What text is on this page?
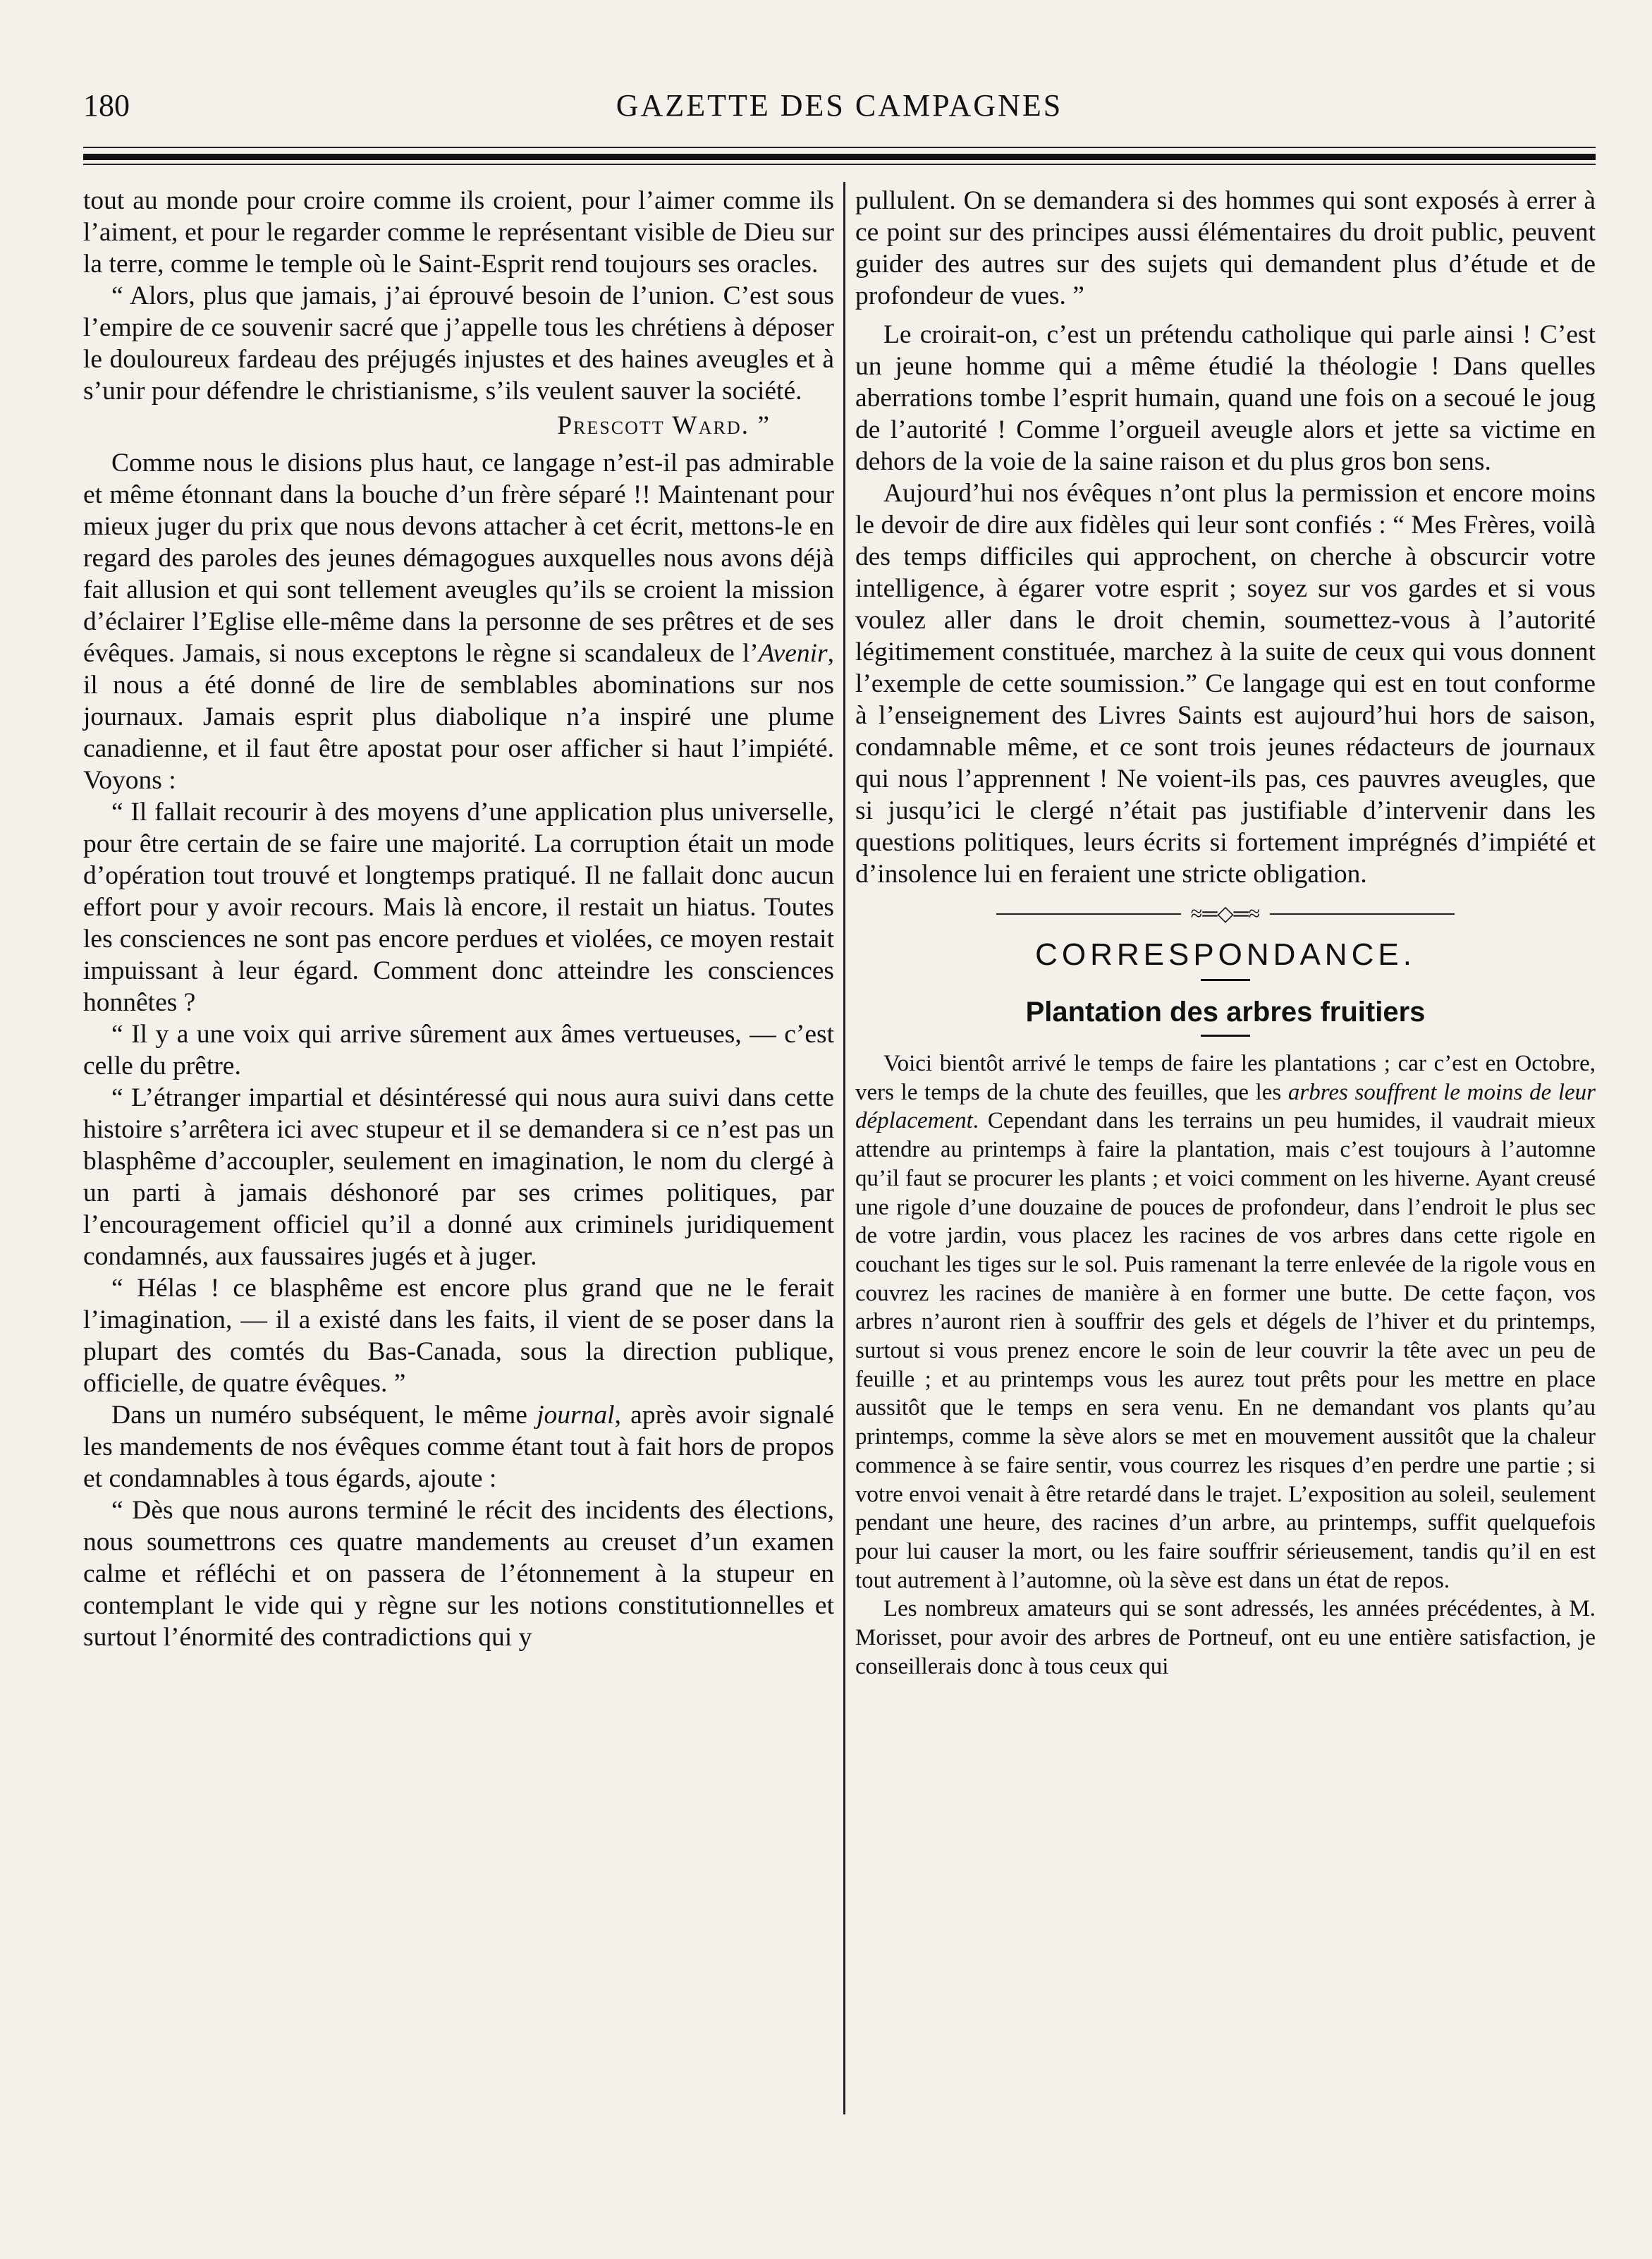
180	GAZETTE DES CAMPAGNES

tout au monde pour croire comme ils croient, pour l’aimer comme ils l’aiment, et pour le regarder comme le représentant visible de Dieu sur la terre, comme le temple où le Saint-Esprit rend toujours ses oracles.

“ Alors, plus que jamais, j’ai éprouvé besoin de l’union. C’est sous l’empire de ce souvenir sacré que j’appelle tous les chrétiens à déposer le douloureux fardeau des préjugés injustes et des haines aveugles et à s’unir pour défendre le christianisme, s’ils veulent sauver la société.

Prescott Ward. ”

Comme nous le disions plus haut, ce langage n’est-il pas admirable et même étonnant dans la bouche d’un frère séparé !! Maintenant pour mieux juger du prix que nous devons attacher à cet écrit, mettons-le en regard des paroles des jeunes démagogues auxquelles nous avons déjà fait allusion et qui sont tellement aveugles qu’ils se croient la mission d’éclairer l’Eglise elle-même dans la personne de ses prêtres et de ses évêques. Jamais, si nous exceptons le règne si scandaleux de l’Avenir, il nous a été donné de lire de semblables abominations sur nos journaux. Jamais esprit plus diabolique n’a inspiré une plume canadienne, et il faut être apostat pour oser afficher si haut l’impiété. Voyons :

“ Il fallait recourir à des moyens d’une application plus universelle, pour être certain de se faire une majorité. La corruption était un mode d’opération tout trouvé et longtemps pratiqué. Il ne fallait donc aucun effort pour y avoir recours. Mais là encore, il restait un hiatus. Toutes les consciences ne sont pas encore perdues et violées, ce moyen restait impuissant à leur égard. Comment donc atteindre les consciences honnêtes ?

“ Il y a une voix qui arrive sûrement aux âmes vertueuses, — c’est celle du prêtre.

“ L’étranger impartial et désintéressé qui nous aura suivi dans cette histoire s’arrêtera ici avec stupeur et il se demandera si ce n’est pas un blasphême d’accoupler, seulement en imagination, le nom du clergé à un parti à jamais déshonoré par ses crimes politiques, par l’encouragement officiel qu’il a donné aux criminels juridiquement condamnés, aux faussaires jugés et à juger.

“ Hélas ! ce blasphême est encore plus grand que ne le ferait l’imagination, — il a existé dans les faits, il vient de se poser dans la plupart des comtés du Bas-Canada, sous la direction publique, officielle, de quatre évêques. ”

Dans un numéro subséquent, le même journal, après avoir signalé les mandements de nos évêques comme étant tout à fait hors de propos et condamnables à tous égards, ajoute :

“ Dès que nous aurons terminé le récit des incidents des élections, nous soumettrons ces quatre mandements au creuset d’un examen calme et réfléchi et on passera de l’étonnement à la stupeur en contemplant le vide qui y règne sur les notions constitutionnelles et surtout l’énormité des contradictions qui y

pullulent. On se demandera si des hommes qui sont exposés à errer à ce point sur des principes aussi élémentaires du droit public, peuvent guider des autres sur des sujets qui demandent plus d’étude et de profondeur de vues. ”

Le croirait-on, c’est un prétendu catholique qui parle ainsi ! C’est un jeune homme qui a même étudié la théologie ! Dans quelles aberrations tombe l’esprit humain, quand une fois on a secoué le joug de l’autorité ! Comme l’orgueil aveugle alors et jette sa victime en dehors de la voie de la saine raison et du plus gros bon sens.

Aujourd’hui nos évêques n’ont plus la permission et encore moins le devoir de dire aux fidèles qui leur sont confiés : “ Mes Frères, voilà des temps difficiles qui approchent, on cherche à obscurcir votre intelligence, à égarer votre esprit ; soyez sur vos gardes et si vous voulez aller dans le droit chemin, soumettez-vous à l’autorité légitimement constituée, marchez à la suite de ceux qui vous donnent l’exemple de cette soumission.” Ce langage qui est en tout conforme à l’enseignement des Livres Saints est aujourd’hui hors de saison, condamnable même, et ce sont trois jeunes rédacteurs de journaux qui nous l’apprennent ! Ne voient-ils pas, ces pauvres aveugles, que si jusqu’ici le clergé n’était pas justifiable d’intervenir dans les questions politiques, leurs écrits si fortement imprégnés d’impiété et d’insolence lui en feraient une stricte obligation.

≈═◇═≈

CORRESPONDANCE.

Plantation des arbres fruitiers

Voici bientôt arrivé le temps de faire les plantations ; car c’est en Octobre, vers le temps de la chute des feuilles, que les arbres souffrent le moins de leur déplacement. Cependant dans les terrains un peu humides, il vaudrait mieux attendre au printemps à faire la plantation, mais c’est toujours à l’automne qu’il faut se procurer les plants ; et voici comment on les hiverne. Ayant creusé une rigole d’une douzaine de pouces de profondeur, dans l’endroit le plus sec de votre jardin, vous placez les racines de vos arbres dans cette rigole en couchant les tiges sur le sol. Puis ramenant la terre enlevée de la rigole vous en couvrez les racines de manière à en former une butte. De cette façon, vos arbres n’auront rien à souffrir des gels et dégels de l’hiver et du printemps, surtout si vous prenez encore le soin de leur couvrir la tête avec un peu de feuille ; et au printemps vous les aurez tout prêts pour les mettre en place aussitôt que le temps en sera venu. En ne demandant vos plants qu’au printemps, comme la sève alors se met en mouvement aussitôt que la chaleur commence à se faire sentir, vous courrez les risques d’en perdre une partie ; si votre envoi venait à être retardé dans le trajet. L’exposition au soleil, seulement pendant une heure, des racines d’un arbre, au printemps, suffit quelquefois pour lui causer la mort, ou les faire souffrir sérieusement, tandis qu’il en est tout autrement à l’automne, où la sève est dans un état de repos.

Les nombreux amateurs qui se sont adressés, les années précédentes, à M. Morisset, pour avoir des arbres de Portneuf, ont eu une entière satisfaction, je conseillerais donc à tous ceux qui
